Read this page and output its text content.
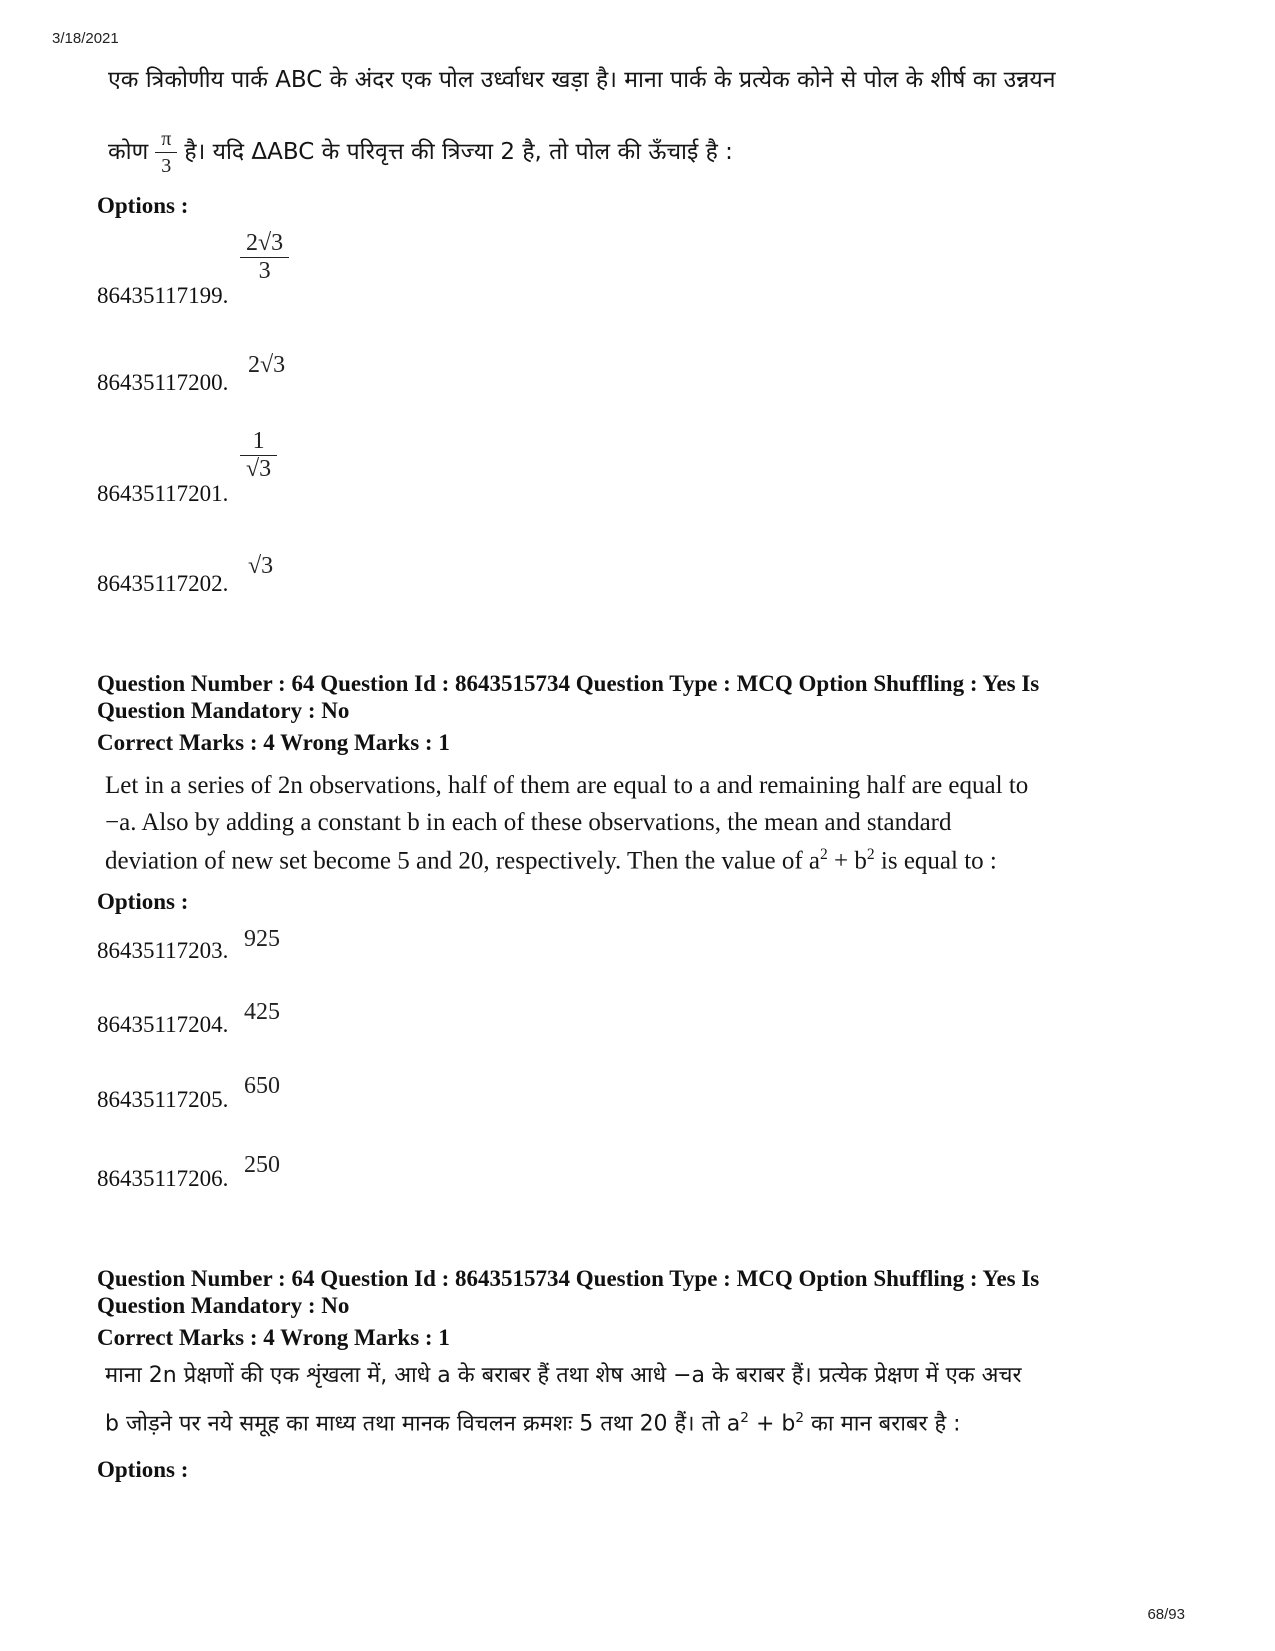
3/18/2021
68/93
एक त्रिकोणीय पार्क ABC के अंदर एक पोल उर्ध्वाधर खड़ा है। माना पार्क के प्रत्येक कोने से पोल के शीर्ष का उन्नयन
कोण $\frac{\pi}{3}$ है। यदि ΔABC के परिवृत्त की त्रिज्या 2 है, तो पोल की ऊँचाई है :
Options :
86435117199.
$\frac{2√3}{3}$
86435117200.
2√3
86435117201.
$\frac{1}{√3}$
86435117202.
√3
Question Number : 64 Question Id : 8643515734 Question Type : MCQ Option Shuffling : Yes Is
Question Mandatory : No
Correct Marks : 4 Wrong Marks : 1
Let in a series of 2n observations, half of them are equal to a and remaining half are equal to
−a. Also by adding a constant b in each of these observations, the mean and standard
deviation of new set become 5 and 20, respectively. Then the value of $a^2 + b^2$ is equal to :
Options :
86435117203. 925
86435117204. 425
86435117205.
650
86435117206.
250
Question Number : 64 Question Id : 8643515734 Question Type : MCQ Option Shuffling : Yes Is
Question Mandatory : No
Correct Marks : 4 Wrong Marks : 1
माना 2n प्रेक्षणों की एक शृंखला में, आधे a के बराबर हैं तथा शेष आधे −a के बराबर हैं। प्रत्येक प्रेक्षण में एक अचर
b जोड़ने पर नये समूह का माध्य तथा मानक विचलन क्रमशः 5 तथा 20 हैं। तो $a^2 + b^2$ का मान बराबर है :
Options :
